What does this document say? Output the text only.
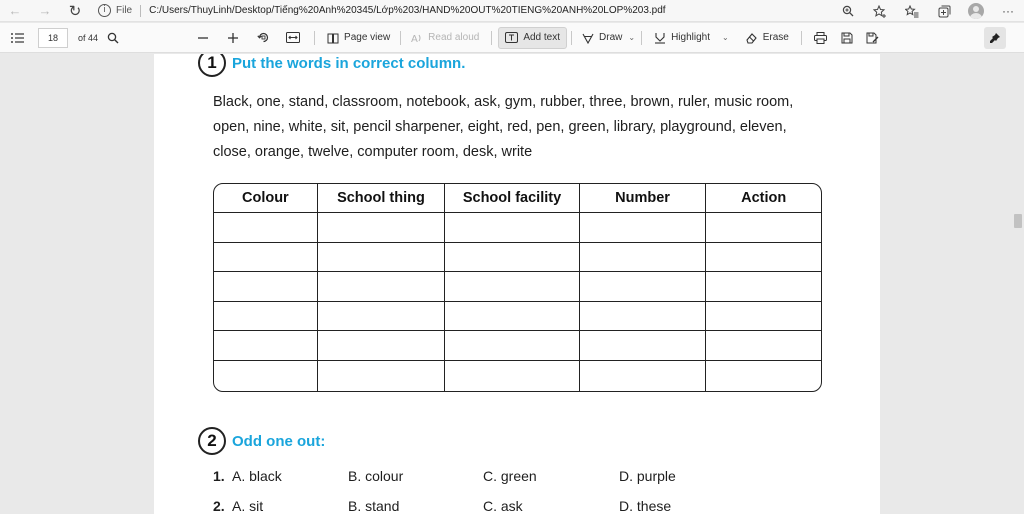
←	→	↻	i	File C:/Users/ThuyLinh/Desktop/Tiếng%20Anh%20345/Lớp%203/HAND%20OUT%20TIENG%20ANH%20LOP%203.pdf	···
18	of 44	Page view A Read aloud	Add text	Draw ⌄	Highlight ⌄	Erase
1	Put the words in correct column.
Black, one, stand, classroom, notebook, ask, gym, rubber, three, brown, ruler, music room,
open, nine, white, sit, pencil sharpener, eight, red, pen, green, library, playground, eleven,
close, orange, twelve, computer room, desk, write
Colour	School thing	School facility	Number	Action

2	Odd one out:
1. A. black	B. colour	C. green	D. purple
2. A. sit	B. stand	C. ask	D. these
